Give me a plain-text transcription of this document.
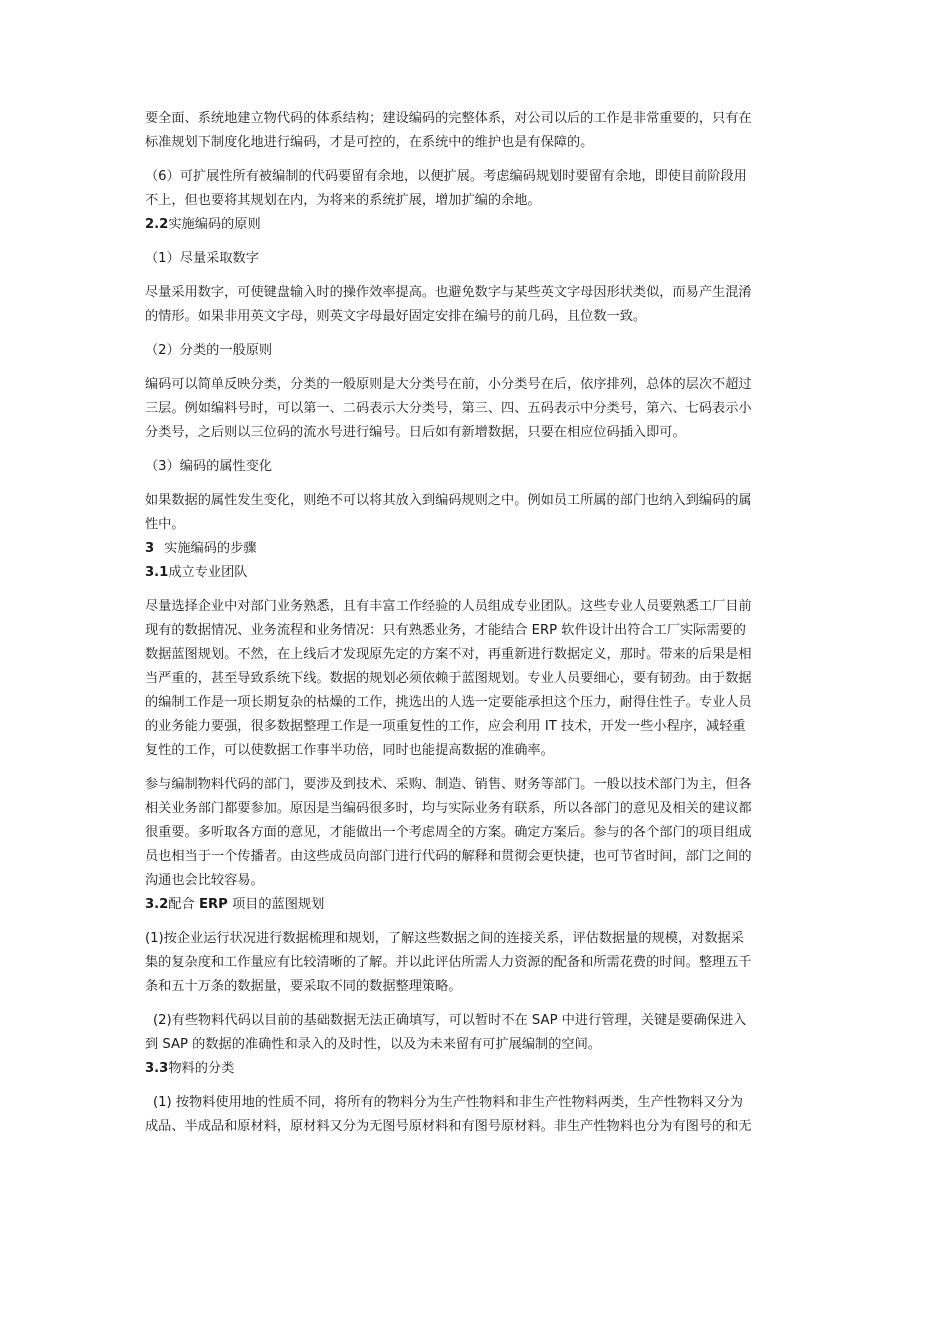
要全面、系统地建立物代码的体系结构；建设编码的完整体系，对公司以后的工作是非常重要的，只有在
标准规划下制度化地进行编码，才是可控的，在系统中的维护也是有保障的。
（6）可扩展性所有被编制的代码要留有余地，以便扩展。考虑编码规划时要留有余地，即使目前阶段用
不上，但也要将其规划在内，为将来的系统扩展，增加扩编的余地。
2.2实施编码的原则
（1）尽量采取数字
尽量采用数字，可使键盘输入时的操作效率提高。也避免数字与某些英文字母因形状类似，而易产生混淆
的情形。如果非用英文字母，则英文字母最好固定安排在编号的前几码，且位数一致。
（2）分类的一般原则
编码可以简单反映分类，分类的一般原则是大分类号在前，小分类号在后，依序排列，总体的层次不超过
三层。例如编料号时，可以第一、二码表示大分类号，第三、四、五码表示中分类号，第六、七码表示小
分类号，之后则以三位码的流水号进行编号。日后如有新增数据，只要在相应位码插入即可。
（3）编码的属性变化
如果数据的属性发生变化，则绝不可以将其放入到编码规则之中。例如员工所属的部门也纳入到编码的属
性中。
3 实施编码的步骤
3.1成立专业团队
尽量选择企业中对部门业务熟悉，且有丰富工作经验的人员组成专业团队。这些专业人员要熟悉工厂目前
现有的数据情况、业务流程和业务情况：只有熟悉业务，才能结合 ERP 软件设计出符合工厂实际需要的
数据蓝图规划。不然，在上线后才发现原先定的方案不对，再重新进行数据定义，那时。带来的后果是相
当严重的，甚至导致系统下线。数据的规划必须依赖于蓝图规划。专业人员要细心，要有韧劲。由于数据
的编制工作是一项长期复杂的枯燥的工作，挑选出的人选一定要能承担这个压力，耐得住性子。专业人员
的业务能力要强，很多数据整理工作是一项重复性的工作，应会利用 IT 技术，开发一些小程序，减轻重
复性的工作，可以使数据工作事半功倍，同时也能提高数据的准确率。
参与编制物料代码的部门，要涉及到技术、采购、制造、销售、财务等部门。一般以技术部门为主，但各
相关业务部门都要参加。原因是当编码很多时，均与实际业务有联系，所以各部门的意见及相关的建议都
很重要。多听取各方面的意见，才能做出一个考虑周全的方案。确定方案后。参与的各个部门的项目组成
员也相当于一个传播者。由这些成员向部门进行代码的解释和贯彻会更快捷，也可节省时间，部门之间的
沟通也会比较容易。
3.2配合 ERP 项目的蓝图规划
(1)按企业运行状况进行数据梳理和规划，了解这些数据之间的连接关系，评估数据量的规模，对数据采
集的复杂度和工作量应有比较清晰的了解。并以此评估所需人力资源的配备和所需花费的时间。整理五千
条和五十万条的数据量，要采取不同的数据整理策略。
(2)有些物料代码以目前的基础数据无法正确填写，可以暂时不在 SAP 中进行管理，关键是要确保进入
到 SAP 的数据的准确性和录入的及时性，以及为未来留有可扩展编制的空间。
3.3物料的分类
(1) 按物料使用地的性质不同，将所有的物料分为生产性物料和非生产性物料两类，生产性物料又分为
成品、半成品和原材料，原材料又分为无图号原材料和有图号原材料。非生产性物料也分为有图号的和无
